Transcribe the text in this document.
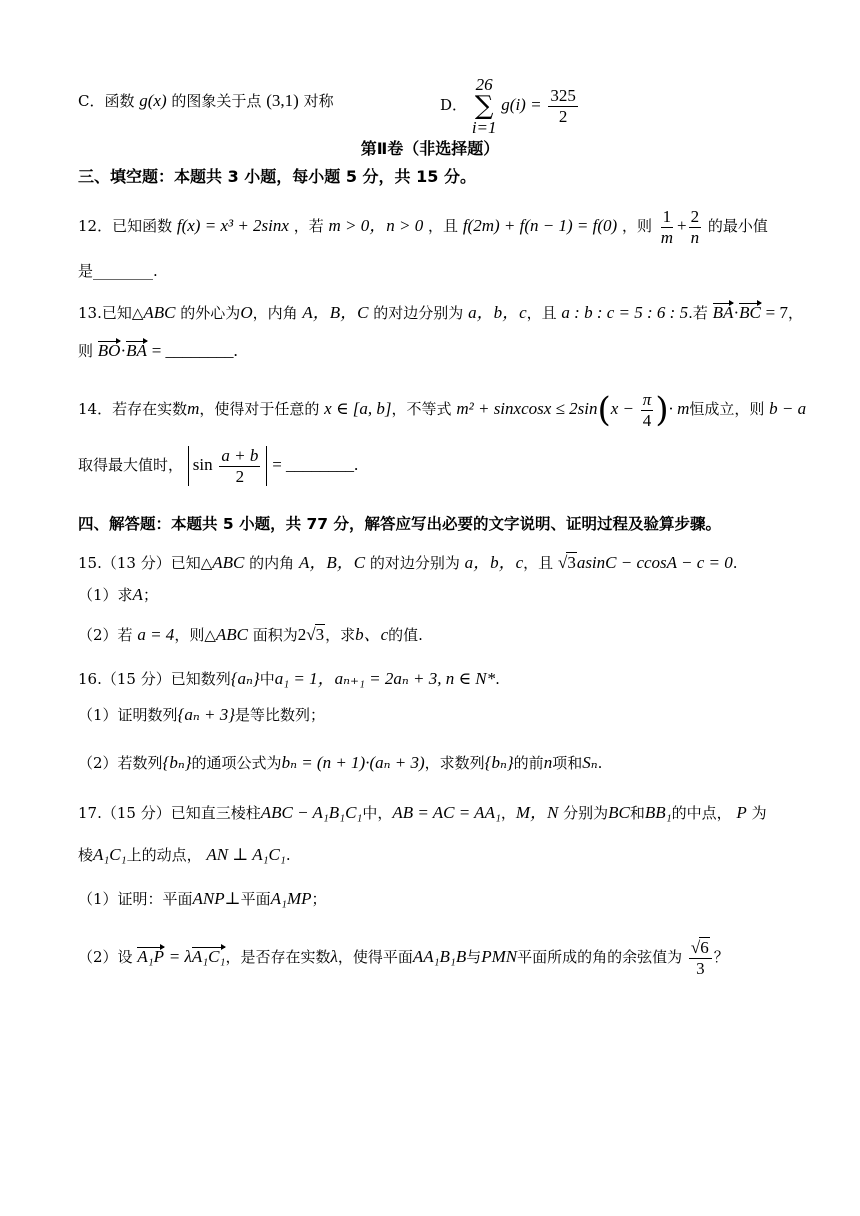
C．函数 g(x) 的图象关于点 (3,1) 对称	D．
26
∑
i=1
$g(i) = \frac{325}{2}$
第Ⅱ卷（非选择题）
三、填空题：本题共 3 小题，每小题 5 分，共 15 分。
12．已知函数 f(x) = x³ + 2sinx ，若 m > 0，n > 0 ，且 f(2m) + f(n − 1) = f(0) ，则 $\frac{1}{m} + \frac{2}{n}$ 的最小值
是________.
13.已知△ABC 的外心为O，内角 A，B，C 的对边分别为 a，b，c，且 a : b : c = 5 : 6 : 5.若 BA·BC = 7，
则 BO·BA = ________.
14．若存在实数m，使得对于任意的 x ∈ [a, b]，不等式 m² + sinxcosx ≤ $2\sin(x - \frac{\pi}{4}$ )· m恒成立，则 b − a
取得最大值时， $\sin \frac{a + b}{2}$ = ________.
四、解答题：本题共 5 小题，共 77 分，解答应写出必要的文字说明、证明过程及验算步骤。
15.（13 分）已知△ABC 的内角 A，B，C 的对边分别为 a，b，c，且 √3asinC − ccosA − c = 0.
（1）求A；
（2）若 a = 4，则△ABC 面积为2√3，求b、c的值.
16.（15 分）已知数列{aₙ}中a₁ = 1，aₙ₊₁ = 2aₙ + 3, n ∈ N*.
（1）证明数列{aₙ + 3}是等比数列；
（2）若数列{bₙ}的通项公式为bₙ = (n + 1)·(aₙ + 3)，求数列{bₙ}的前n项和Sₙ.
17.（15 分）已知直三棱柱ABC − A₁B₁C₁中，AB = AC = AA₁，M，N 分别为BC和BB₁的中点， P 为
棱A₁C₁上的动点， AN ⊥ A₁C₁.
（1）证明：平面ANP⊥平面A₁MP；
（2）设 A₁P = λA₁C₁，是否存在实数λ，使得平面AA₁B₁B与PMN平面所成的角的余弦值为 $\frac{√6}{3}$ ？
